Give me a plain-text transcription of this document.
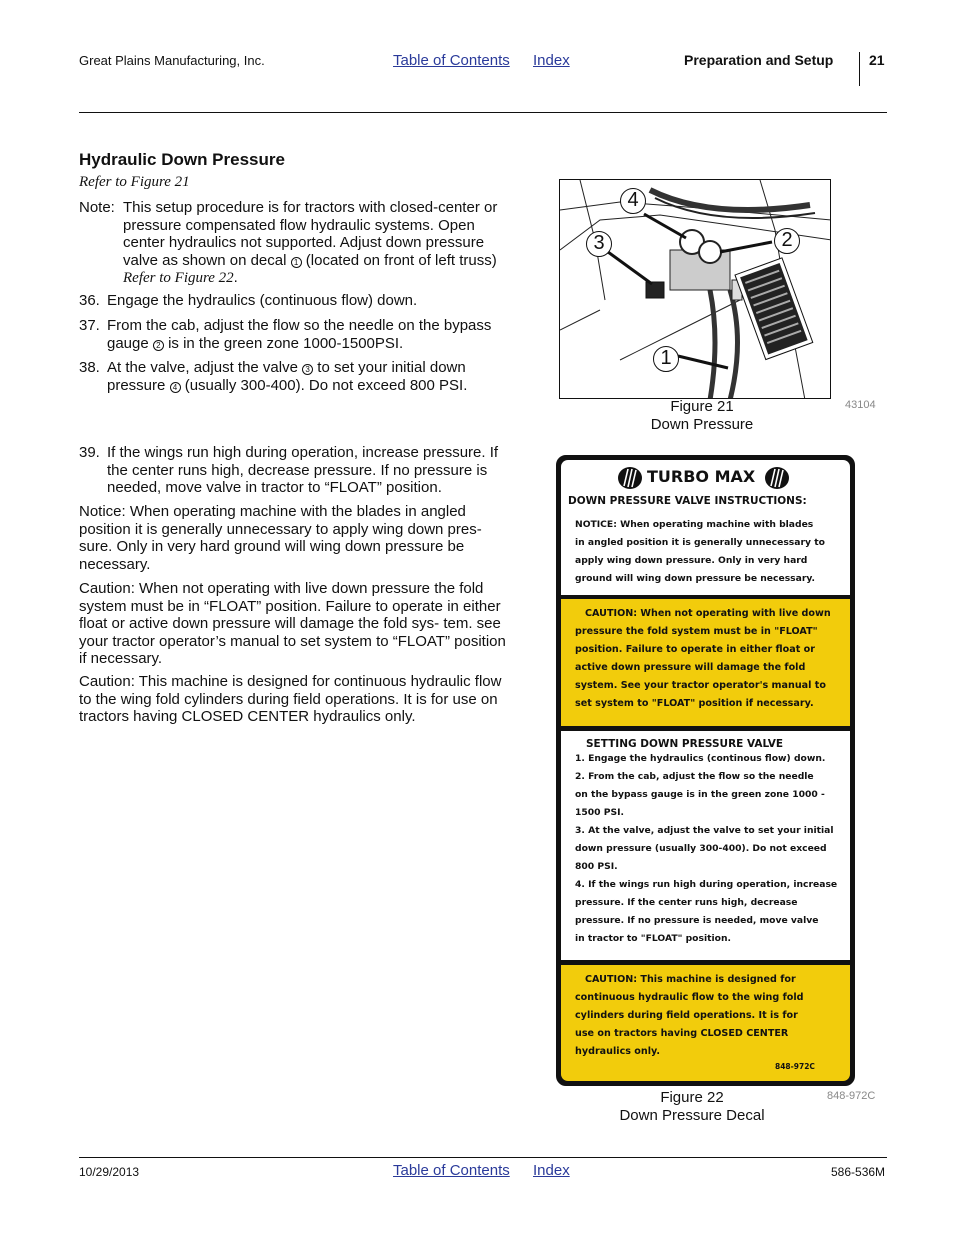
Great Plains Manufacturing, Inc.	Table of Contents Index	Preparation and Setup	21
Hydraulic Down Pressure
Refer to Figure 21
Note: This setup procedure is for tractors with closed-center or pressure compensated flow hydraulic systems. Open center hydraulics not supported. Adjust down pressure valve as shown on decal 1 (located on front of left truss)
Refer to Figure 22.
36. Engage the hydraulics (continuous flow) down.
37. From the cab, adjust the flow so the needle on the bypass gauge 2 is in the green zone 1000-1500PSI.
38. At the valve, adjust the valve 3 to set your initial down pressure 4 (usually 300-400). Do not exceed 800 PSI.
39. If the wings run high during operation, increase pressure. If the center runs high, decrease pressure. If no pressure is needed, move valve in tractor to “FLOAT” position.
Notice: When operating machine with the blades in angled position it is generally unnecessary to apply wing down pres- sure. Only in very hard ground will wing down pressure be necessary.
Caution: When not operating with live down pressure the fold system must be in “FLOAT” position. Failure to operate in either float or active down pressure will damage the fold sys- tem. see your tractor operator’s manual to set system to “FLOAT” position if necessary.
Caution: This machine is designed for continuous hydraulic flow to the wing fold cylinders during field operations. It is for use on tractors having CLOSED CENTER hydraulics only.
4
3	2
1
Figure 21
Down Pressure
43104
TURBO MAX
DOWN PRESSURE VALVE INSTRUCTIONS:
NOTICE: When operating machine with blades
in angled position it is generally unnecessary to
apply wing down pressure. Only in very hard
ground will wing down pressure be necessary.
CAUTION: When not operating with live down
pressure the fold system must be in "FLOAT"
position. Failure to operate in either float or
active down pressure will damage the fold
system. See your tractor operator's manual to
set system to "FLOAT" position if necessary.
SETTING DOWN PRESSURE VALVE
1. Engage the hydraulics (continous flow) down.
2. From the cab, adjust the flow so the needle
on the bypass gauge is in the green zone 1000 -
1500 PSI.
3. At the valve, adjust the valve to set your initial
down pressure (usually 300-400). Do not exceed
800 PSI.
4. If the wings run high during operation, increase
pressure. If the center runs high, decrease
pressure. If no pressure is needed, move valve
in tractor to "FLOAT" position.
CAUTION: This machine is designed for
continuous hydraulic flow to the wing fold
cylinders during field operations. It is for
use on tractors having CLOSED CENTER
hydraulics only.
848-972C
Figure 22
Down Pressure Decal
848-972C
10/29/2013	Table of Contents Index	586-536M
